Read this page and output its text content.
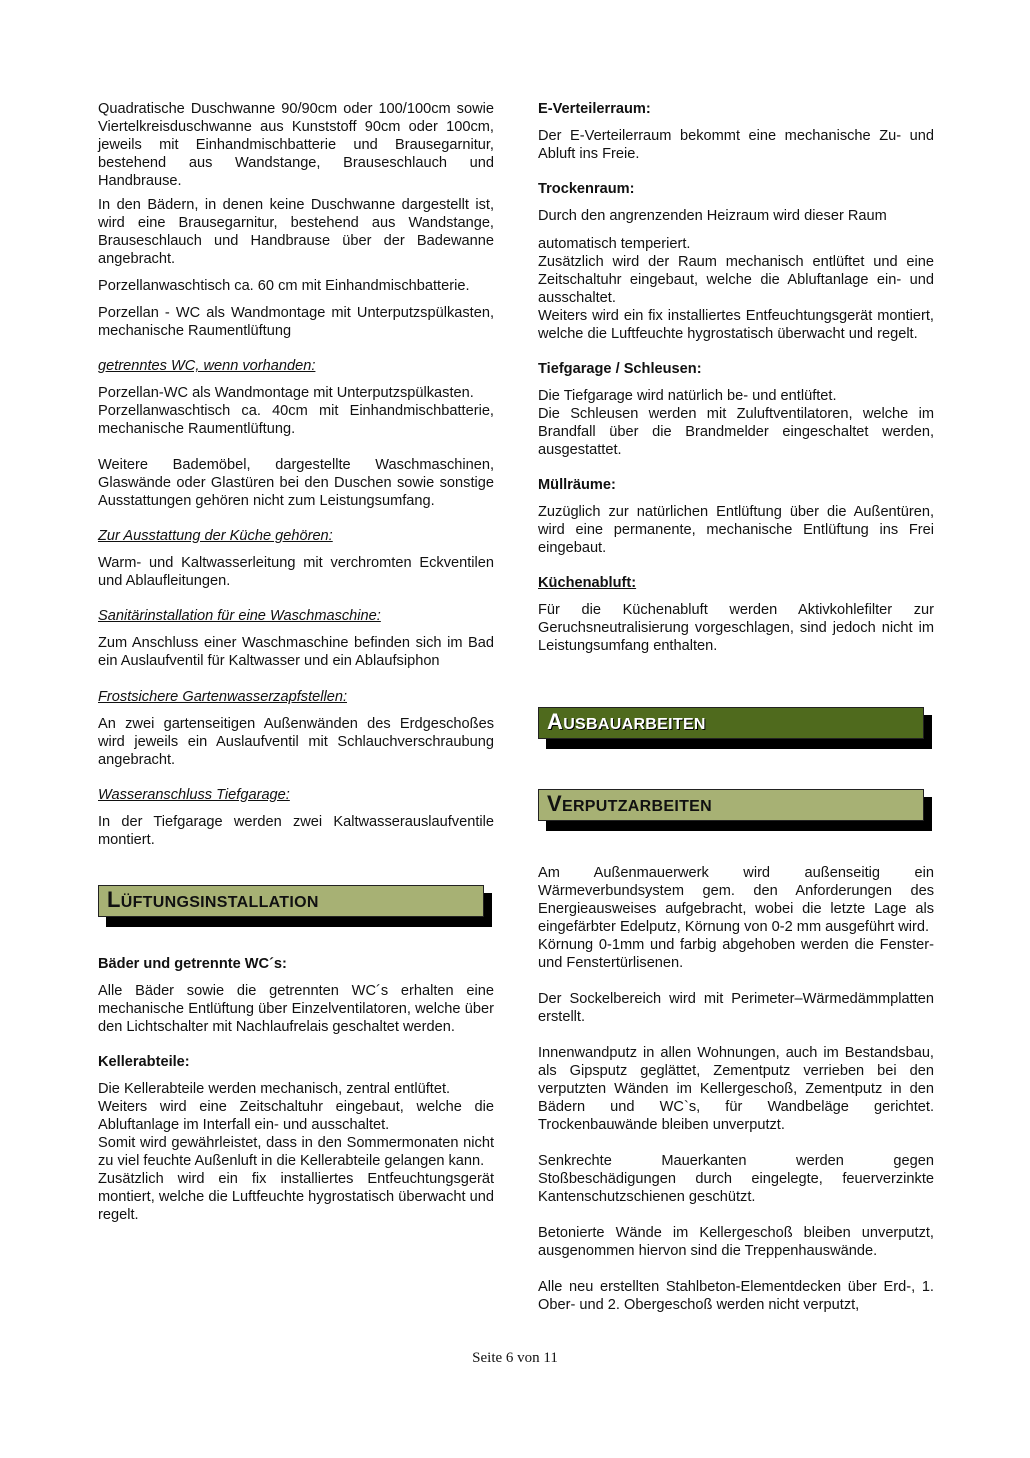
Quadratische Duschwanne 90/90cm oder 100/100cm sowie Viertelkreisduschwanne aus Kunststoff 90cm oder 100cm, jeweils mit Einhandmischbatterie und Brausegarnitur, bestehend aus Wandstange, Brauseschlauch und Handbrause.

In den Bädern, in denen keine Duschwanne dargestellt ist, wird eine Brausegarnitur, bestehend aus Wandstange, Brauseschlauch und Handbrause über der Badewanne angebracht.

Porzellanwaschtisch ca. 60 cm mit Einhandmischbatterie.

Porzellan - WC als Wandmontage mit Unterputzspülkasten, mechanische Raumentlüftung

getrenntes WC, wenn vorhanden:

Porzellan-WC als Wandmontage mit Unterputzspülkasten.

Porzellanwaschtisch ca. 40cm mit Einhandmischbatterie, mechanische Raumentlüftung.

Weitere Bademöbel, dargestellte Waschmaschinen, Glaswände oder Glastüren bei den Duschen sowie sonstige Ausstattungen gehören nicht zum Leistungsumfang.

Zur Ausstattung der Küche gehören:

Warm- und Kaltwasserleitung mit verchromten Eckventilen und Ablaufleitungen.

Sanitärinstallation für eine Waschmaschine:

Zum Anschluss einer Waschmaschine befinden sich im Bad ein Auslaufventil für Kaltwasser und ein Ablaufsiphon

Frostsichere Gartenwasserzapfstellen:

An zwei gartenseitigen Außenwänden des Erdgeschoßes wird jeweils ein Auslaufventil mit Schlauchverschraubung angebracht.

Wasseranschluss Tiefgarage:

In der Tiefgarage werden zwei Kaltwasserauslaufventile montiert.

LÜFTUNGSINSTALLATION

Bäder und getrennte WC´s:

Alle Bäder sowie die getrennten WC´s erhalten eine mechanische Entlüftung über Einzelventilatoren, welche über den Lichtschalter mit Nachlaufrelais geschaltet werden.

Kellerabteile:

Die Kellerabteile werden mechanisch, zentral entlüftet.

Weiters wird eine Zeitschaltuhr eingebaut, welche die Abluftanlage im Interfall ein- und ausschaltet.

Somit wird gewährleistet, dass in den Sommermonaten nicht zu viel feuchte Außenluft in die Kellerabteile gelangen kann.

Zusätzlich wird ein fix installiertes Entfeuchtungsgerät montiert, welche die Luftfeuchte hygrostatisch überwacht und regelt.

E-Verteilerraum:

Der E-Verteilerraum bekommt eine mechanische Zu- und Abluft ins Freie.

Trockenraum:

Durch den angrenzenden Heizraum wird dieser Raum

automatisch temperiert.

Zusätzlich wird der Raum mechanisch entlüftet und eine Zeitschaltuhr eingebaut, welche die Abluftanlage ein- und ausschaltet.

Weiters wird ein fix installiertes Entfeuchtungsgerät montiert, welche die Luftfeuchte hygrostatisch überwacht und regelt.

Tiefgarage / Schleusen:

Die Tiefgarage wird natürlich be- und entlüftet.

Die Schleusen werden mit Zuluftventilatoren, welche im Brandfall über die Brandmelder eingeschaltet werden, ausgestattet.

Müllräume:

Zuzüglich zur natürlichen Entlüftung über die Außentüren, wird eine permanente, mechanische Entlüftung ins Frei eingebaut.

Küchenabluft:

Für die Küchenabluft werden Aktivkohlefilter zur Geruchsneutralisierung vorgeschlagen, sind jedoch nicht im Leistungsumfang enthalten.

AUSBAUARBEITEN
VERPUTZARBEITEN

Am Außenmauerwerk wird außenseitig ein Wärmeverbundsystem gem. den Anforderungen des Energieausweises aufgebracht, wobei die letzte Lage als eingefärbter Edelputz, Körnung von 0-2 mm ausgeführt wird.

Körnung 0-1mm und farbig abgehoben werden die Fenster- und Fenstertürlisenen.

Der Sockelbereich wird mit Perimeter–Wärmedämmplatten erstellt.

Innenwandputz in allen Wohnungen, auch im Bestandsbau, als Gipsputz geglättet, Zementputz verrieben bei den verputzten Wänden im Kellergeschoß, Zementputz in den Bädern und WC`s, für Wandbeläge gerichtet. Trockenbauwände bleiben unverputzt.

Senkrechte Mauerkanten werden gegen Stoßbeschädigungen durch eingelegte, feuerverzinkte Kantenschutzschienen geschützt.

Betonierte Wände im Kellergeschoß bleiben unverputzt, ausgenommen hiervon sind die Treppenhauswände.

Alle neu erstellten Stahlbeton-Elementdecken über Erd-, 1. Ober- und 2. Obergeschoß werden nicht verputzt,

Seite 6 von 11
